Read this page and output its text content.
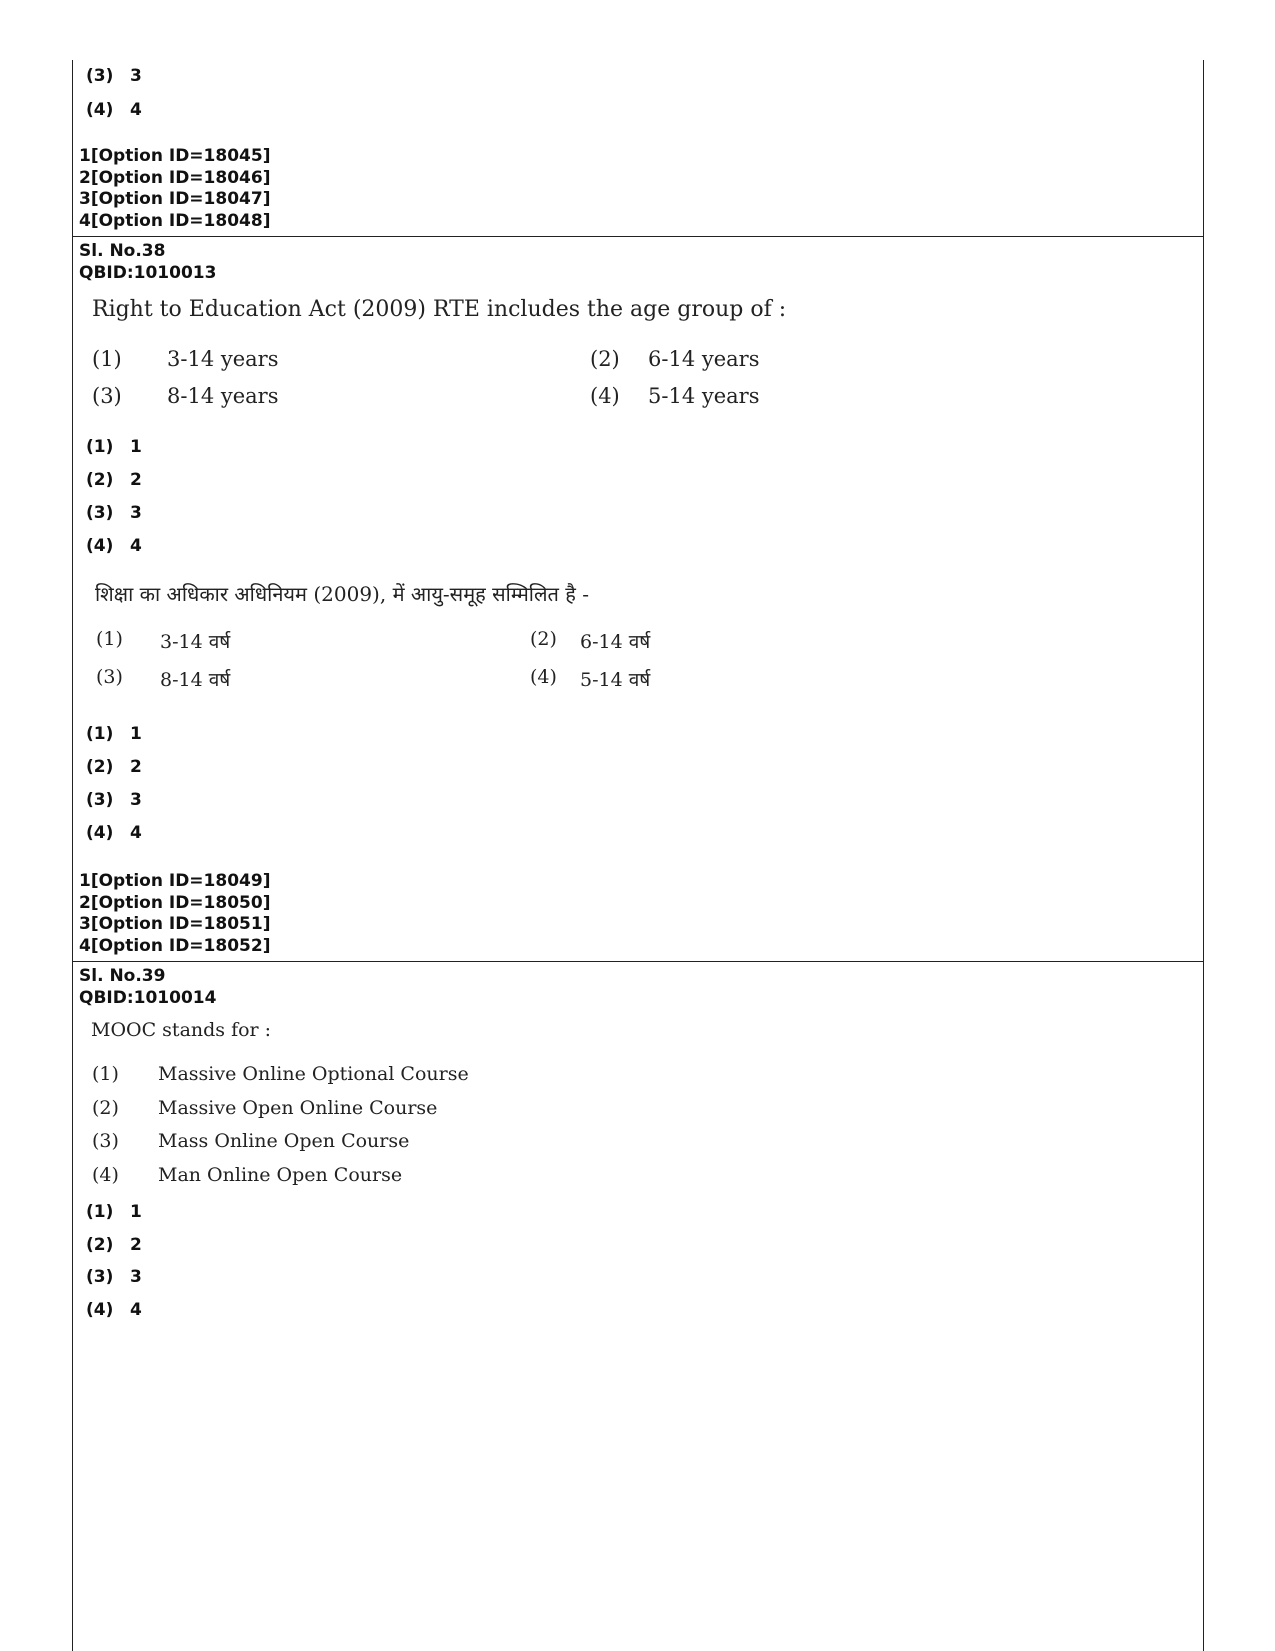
(3) 3
(4) 4
1[Option ID=18045]
2[Option ID=18046]
3[Option ID=18047]
4[Option ID=18048]
Sl. No.38
QBID:1010013
Right to Education Act (2009) RTE includes the age group of :
(1) 3-14 years	(2) 6-14 years
(3) 8-14 years	(4) 5-14 years
(1) 1
(2) 2
(3) 3
(4) 4
शिक्षा का अधिकार अधिनियम (2009), में आयु-समूह सम्मिलित है -
(1) 3-14 वर्ष	(2) 6-14 वर्ष
(3) 8-14 वर्ष	(4) 5-14 वर्ष
(1) 1
(2) 2
(3) 3
(4) 4
1[Option ID=18049]
2[Option ID=18050]
3[Option ID=18051]
4[Option ID=18052]
Sl. No.39
QBID:1010014
MOOC stands for :
(1) Massive Online Optional Course
(2) Massive Open Online Course
(3) Mass Online Open Course
(4) Man Online Open Course
(1) 1
(2) 2
(3) 3
(4) 4
